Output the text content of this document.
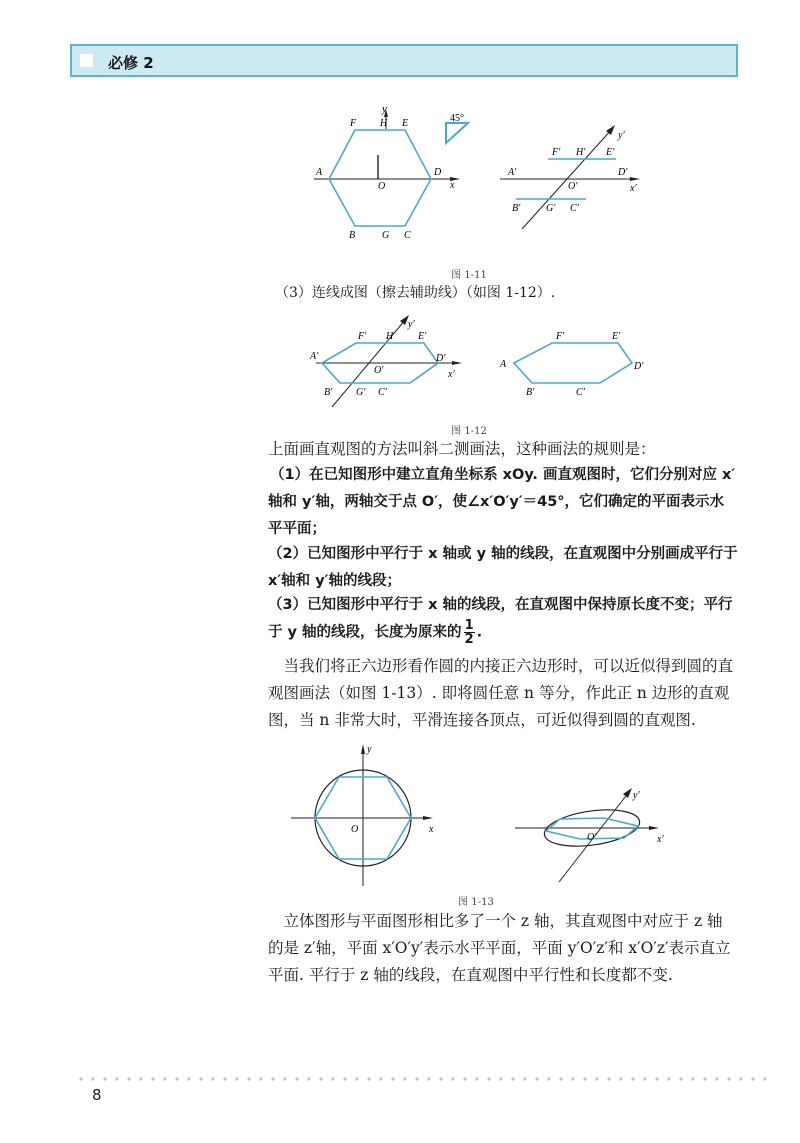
必修 2
y
F H E
A
O
D
x
B	G C
45°
y′
F′ H′ E′
A′
O′
D′
x′
B′	G′ C′
图 1-11
（3）连线成图（擦去辅助线）（如图 1-12）.
y′
F′ H E′
A′	D′
O′	x′
B′ G′ C′
A
F′	E′
D′
B′	C′
图 1-12
上面画直观图的方法叫斜二测画法，这种画法的规则是：
（1）在已知图形中建立直角坐标系 xOy. 画直观图时，它们分别对应 x′轴和 y′轴，两轴交于点 O′，使∠x′O′y′＝45°，它们确定的平面表示水平平面；
（2）已知图形中平行于 x 轴或 y 轴的线段，在直观图中分别画成平行于 x′轴和 y′轴的线段；
（3）已知图形中平行于 x 轴的线段，在直观图中保持原长度不变；平行于 y 轴的线段，长度为原来的 $\frac{1}{2}$ .
当我们将正六边形看作圆的内接正六边形时，可以近似得到圆的直观图画法（如图 1-13）. 即将圆任意 n 等分，作此正 n 边形的直观图，当 n 非常大时，平滑连接各顶点，可近似得到圆的直观图.
y
O	x
y′
O′	x′
图 1-13
立体图形与平面图形相比多了一个 z 轴，其直观图中对应于 z 轴的是 z′轴，平面 x′O′y′表示水平平面，平面 y′O′z′和 x′O′z′表示直立平面. 平行于 z 轴的线段，在直观图中平行性和长度都不变.
8
